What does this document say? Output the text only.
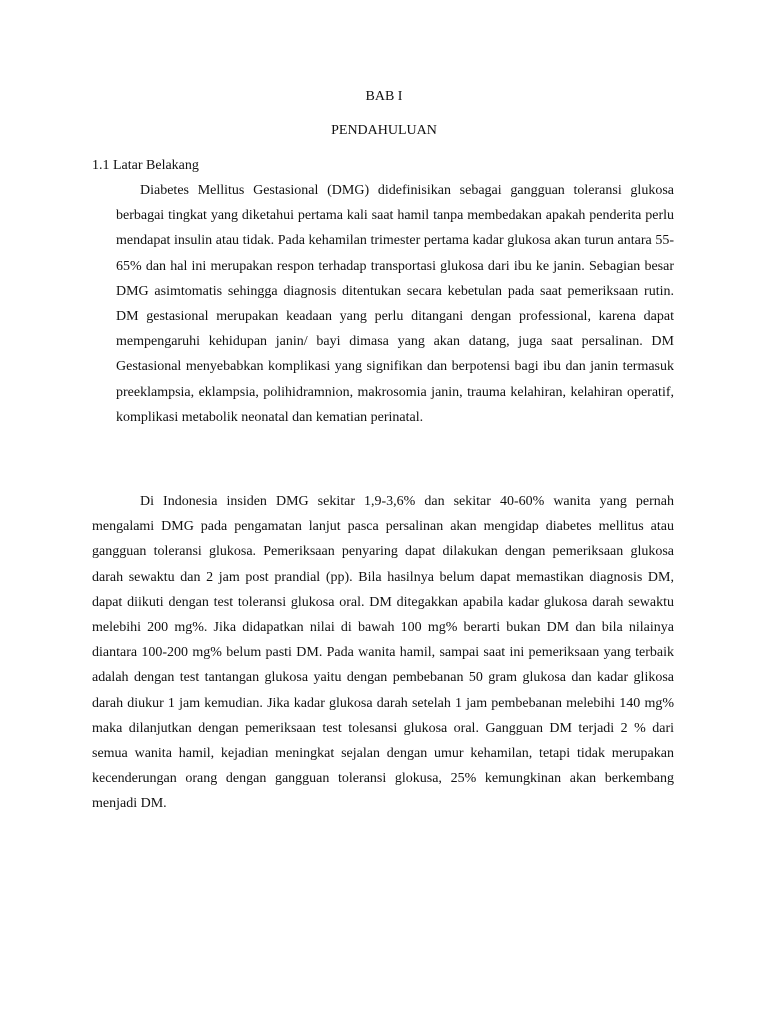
BAB I
PENDAHULUAN
1.1 Latar Belakang

Diabetes Mellitus Gestasional (DMG) didefinisikan sebagai gangguan toleransi glukosa berbagai tingkat yang diketahui pertama kali saat hamil tanpa membedakan apakah penderita perlu mendapat insulin atau tidak. Pada kehamilan trimester pertama kadar glukosa akan turun antara 55-65% dan hal ini merupakan respon terhadap transportasi glukosa dari ibu ke janin. Sebagian besar DMG asimtomatis sehingga diagnosis ditentukan secara kebetulan pada saat pemeriksaan rutin. DM gestasional merupakan keadaan yang perlu ditangani dengan professional, karena dapat mempengaruhi kehidupan janin/ bayi dimasa yang akan datang, juga saat persalinan. DM Gestasional menyebabkan komplikasi yang signifikan dan berpotensi bagi ibu dan janin termasuk preeklampsia, eklampsia, polihidramnion, makrosomia janin, trauma kelahiran, kelahiran operatif, komplikasi metabolik neonatal dan kematian perinatal.

Di Indonesia insiden DMG sekitar 1,9-3,6% dan sekitar 40-60% wanita yang pernah mengalami DMG pada pengamatan lanjut pasca persalinan akan mengidap diabetes mellitus atau gangguan toleransi glukosa. Pemeriksaan penyaring dapat dilakukan dengan pemeriksaan glukosa darah sewaktu dan 2 jam post prandial (pp). Bila hasilnya belum dapat memastikan diagnosis DM, dapat diikuti dengan test toleransi glukosa oral. DM ditegakkan apabila kadar glukosa darah sewaktu melebihi 200 mg%. Jika didapatkan nilai di bawah 100 mg% berarti bukan DM dan bila nilainya diantara 100-200 mg% belum pasti DM. Pada wanita hamil, sampai saat ini pemeriksaan yang terbaik adalah dengan test tantangan glukosa yaitu dengan pembebanan 50 gram glukosa dan kadar glikosa darah diukur 1 jam kemudian. Jika kadar glukosa darah setelah 1 jam pembebanan melebihi 140 mg% maka dilanjutkan dengan pemeriksaan test tolesansi glukosa oral. Gangguan DM terjadi 2 % dari semua wanita hamil, kejadian meningkat sejalan dengan umur kehamilan, tetapi tidak merupakan kecenderungan orang dengan gangguan toleransi glokusa, 25% kemungkinan akan berkembang menjadi DM.
